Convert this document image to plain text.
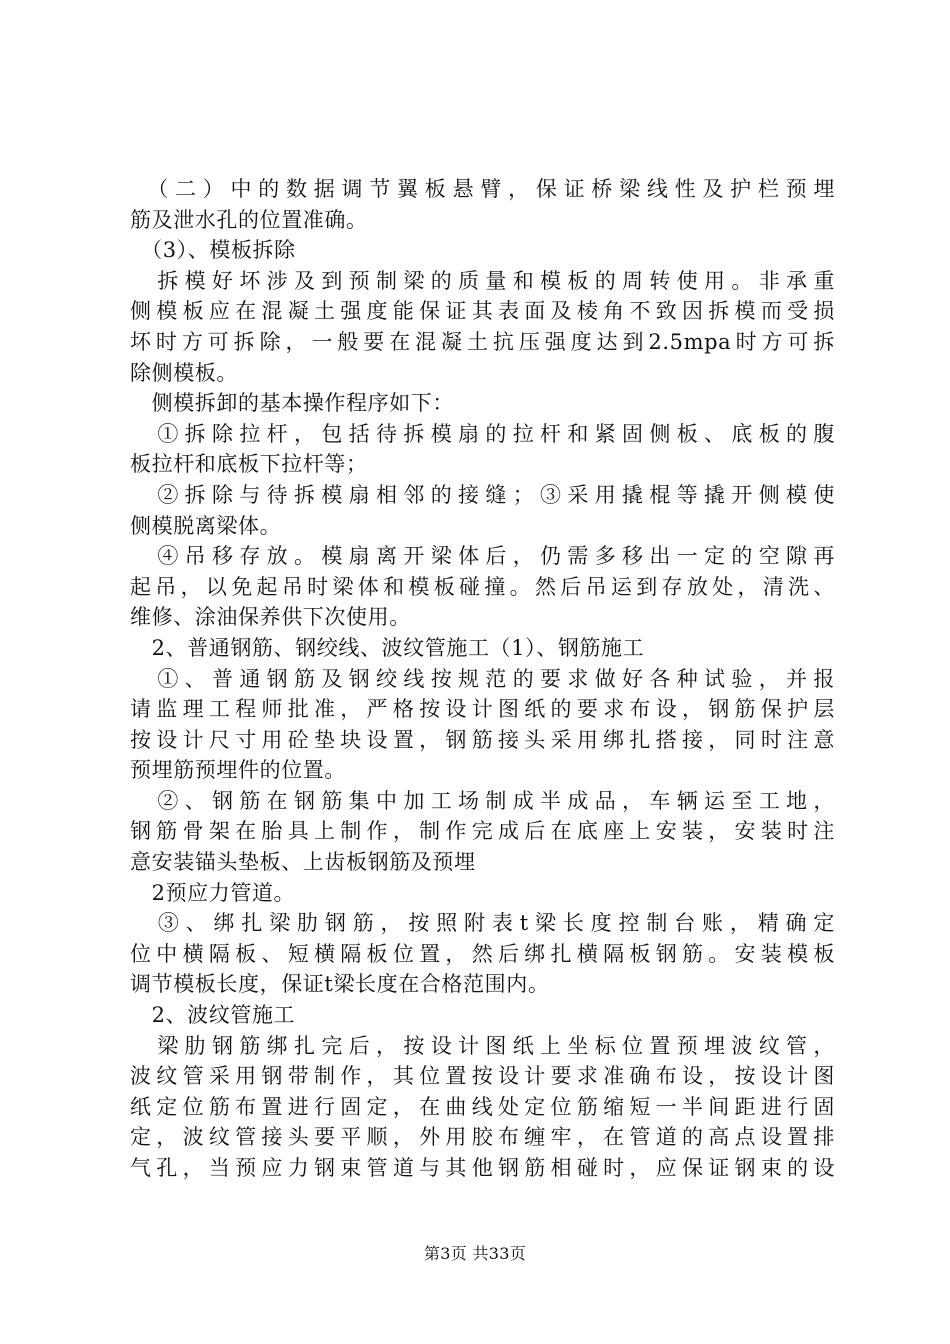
　（二）中的数据调节翼板悬臂，保证桥梁线性及护栏预埋
筋及泄水孔的位置准确。
　（3）、模板拆除
　拆模好坏涉及到预制梁的质量和模板的周转使用。非承重
侧模板应在混凝土强度能保证其表面及棱角不致因拆模而受损
坏时方可拆除，一般要在混凝土抗压强度达到2.5mpa时方可拆
除侧模板。
　侧模拆卸的基本操作程序如下：
　①拆除拉杆，包括待拆模扇的拉杆和紧固侧板、底板的腹
板拉杆和底板下拉杆等；
　②拆除与待拆模扇相邻的接缝；③采用撬棍等撬开侧模使
侧模脱离梁体。
　④吊移存放。模扇离开梁体后，仍需多移出一定的空隙再
起吊，以免起吊时梁体和模板碰撞。然后吊运到存放处，清洗、
维修、涂油保养供下次使用。
　2、普通钢筋、钢绞线、波纹管施工（1）、钢筋施工
　①、普通钢筋及钢绞线按规范的要求做好各种试验，并报
请监理工程师批准，严格按设计图纸的要求布设，钢筋保护层
按设计尺寸用砼垫块设置，钢筋接头采用绑扎搭接，同时注意
预埋筋预埋件的位置。
　②、钢筋在钢筋集中加工场制成半成品，车辆运至工地，
钢筋骨架在胎具上制作，制作完成后在底座上安装，安装时注
意安装锚头垫板、上齿板钢筋及预埋
　2预应力管道。
　③、绑扎梁肋钢筋，按照附表t梁长度控制台账，精确定
位中横隔板、短横隔板位置，然后绑扎横隔板钢筋。安装模板
调节模板长度，保证t梁长度在合格范围内。
　2、波纹管施工
　梁肋钢筋绑扎完后，按设计图纸上坐标位置预埋波纹管，
波纹管采用钢带制作，其位置按设计要求准确布设，按设计图
纸定位筋布置进行固定，在曲线处定位筋缩短一半间距进行固
定，波纹管接头要平顺，外用胶布缠牢，在管道的高点设置排
气孔，当预应力钢束管道与其他钢筋相碰时，应保证钢束的设
第3页 共33页
